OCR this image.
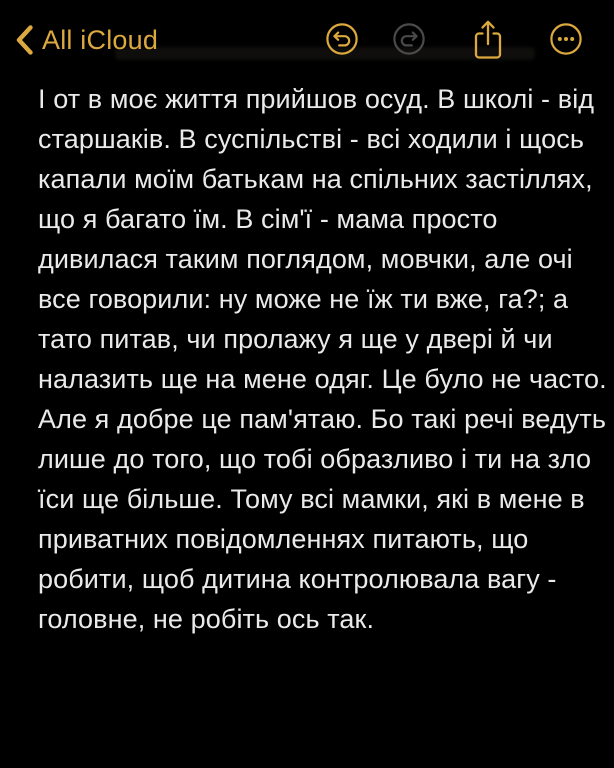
All iCloud
І от в моє життя прийшов осуд. В школі - від
старшаків. В суспільстві - всі ходили і щось
капали моїм батькам на спільних застіллях,
що я багато їм. В сім'ї - мама просто
дивилася таким поглядом, мовчки, але очі
все говорили: ну може не їж ти вже, га?; а
тато питав, чи пролажу я ще у двері й чи
налазить ще на мене одяг. Це було не часто.
Але я добре це пам'ятаю. Бо такі речі ведуть
лише до того, що тобі образливо і ти на зло
їси ще більше. Тому всі мамки, які в мене в
приватних повідомленнях питають, що
робити, щоб дитина контролювала вагу -
головне, не робіть ось так.
